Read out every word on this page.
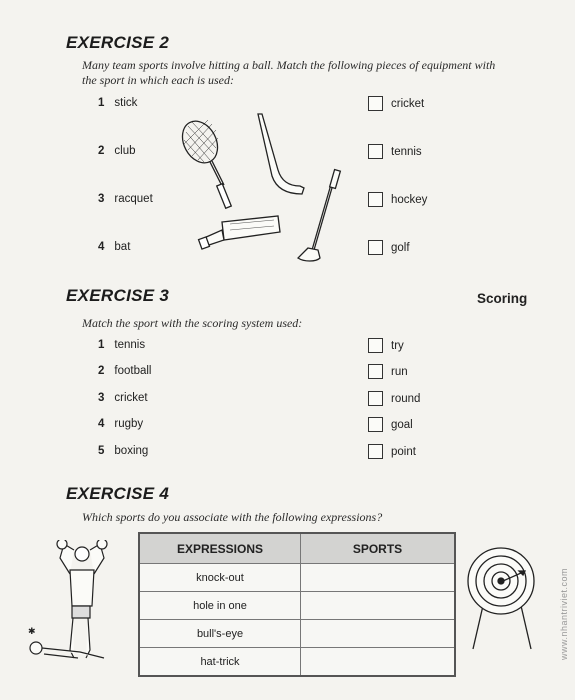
EXERCISE 2
Many team sports involve hitting a ball. Match the following pieces of equipment with
the sport in which each is used:
1 stick
2 club
3 racquet
4 bat
cricket
tennis
hockey
golf
EXERCISE 3	Scoring
Match the sport with the scoring system used:
1 tennis
2 football
3 cricket
4 rugby
5 boxing
try
run
round
goal
point
EXERCISE 4
Which sports do you associate with the following expressions?
✱
EXPRESSIONS	SPORTS
knock-out	
hole in one	
bull's-eye	
hat-trick	
www.nhantriviet.com
